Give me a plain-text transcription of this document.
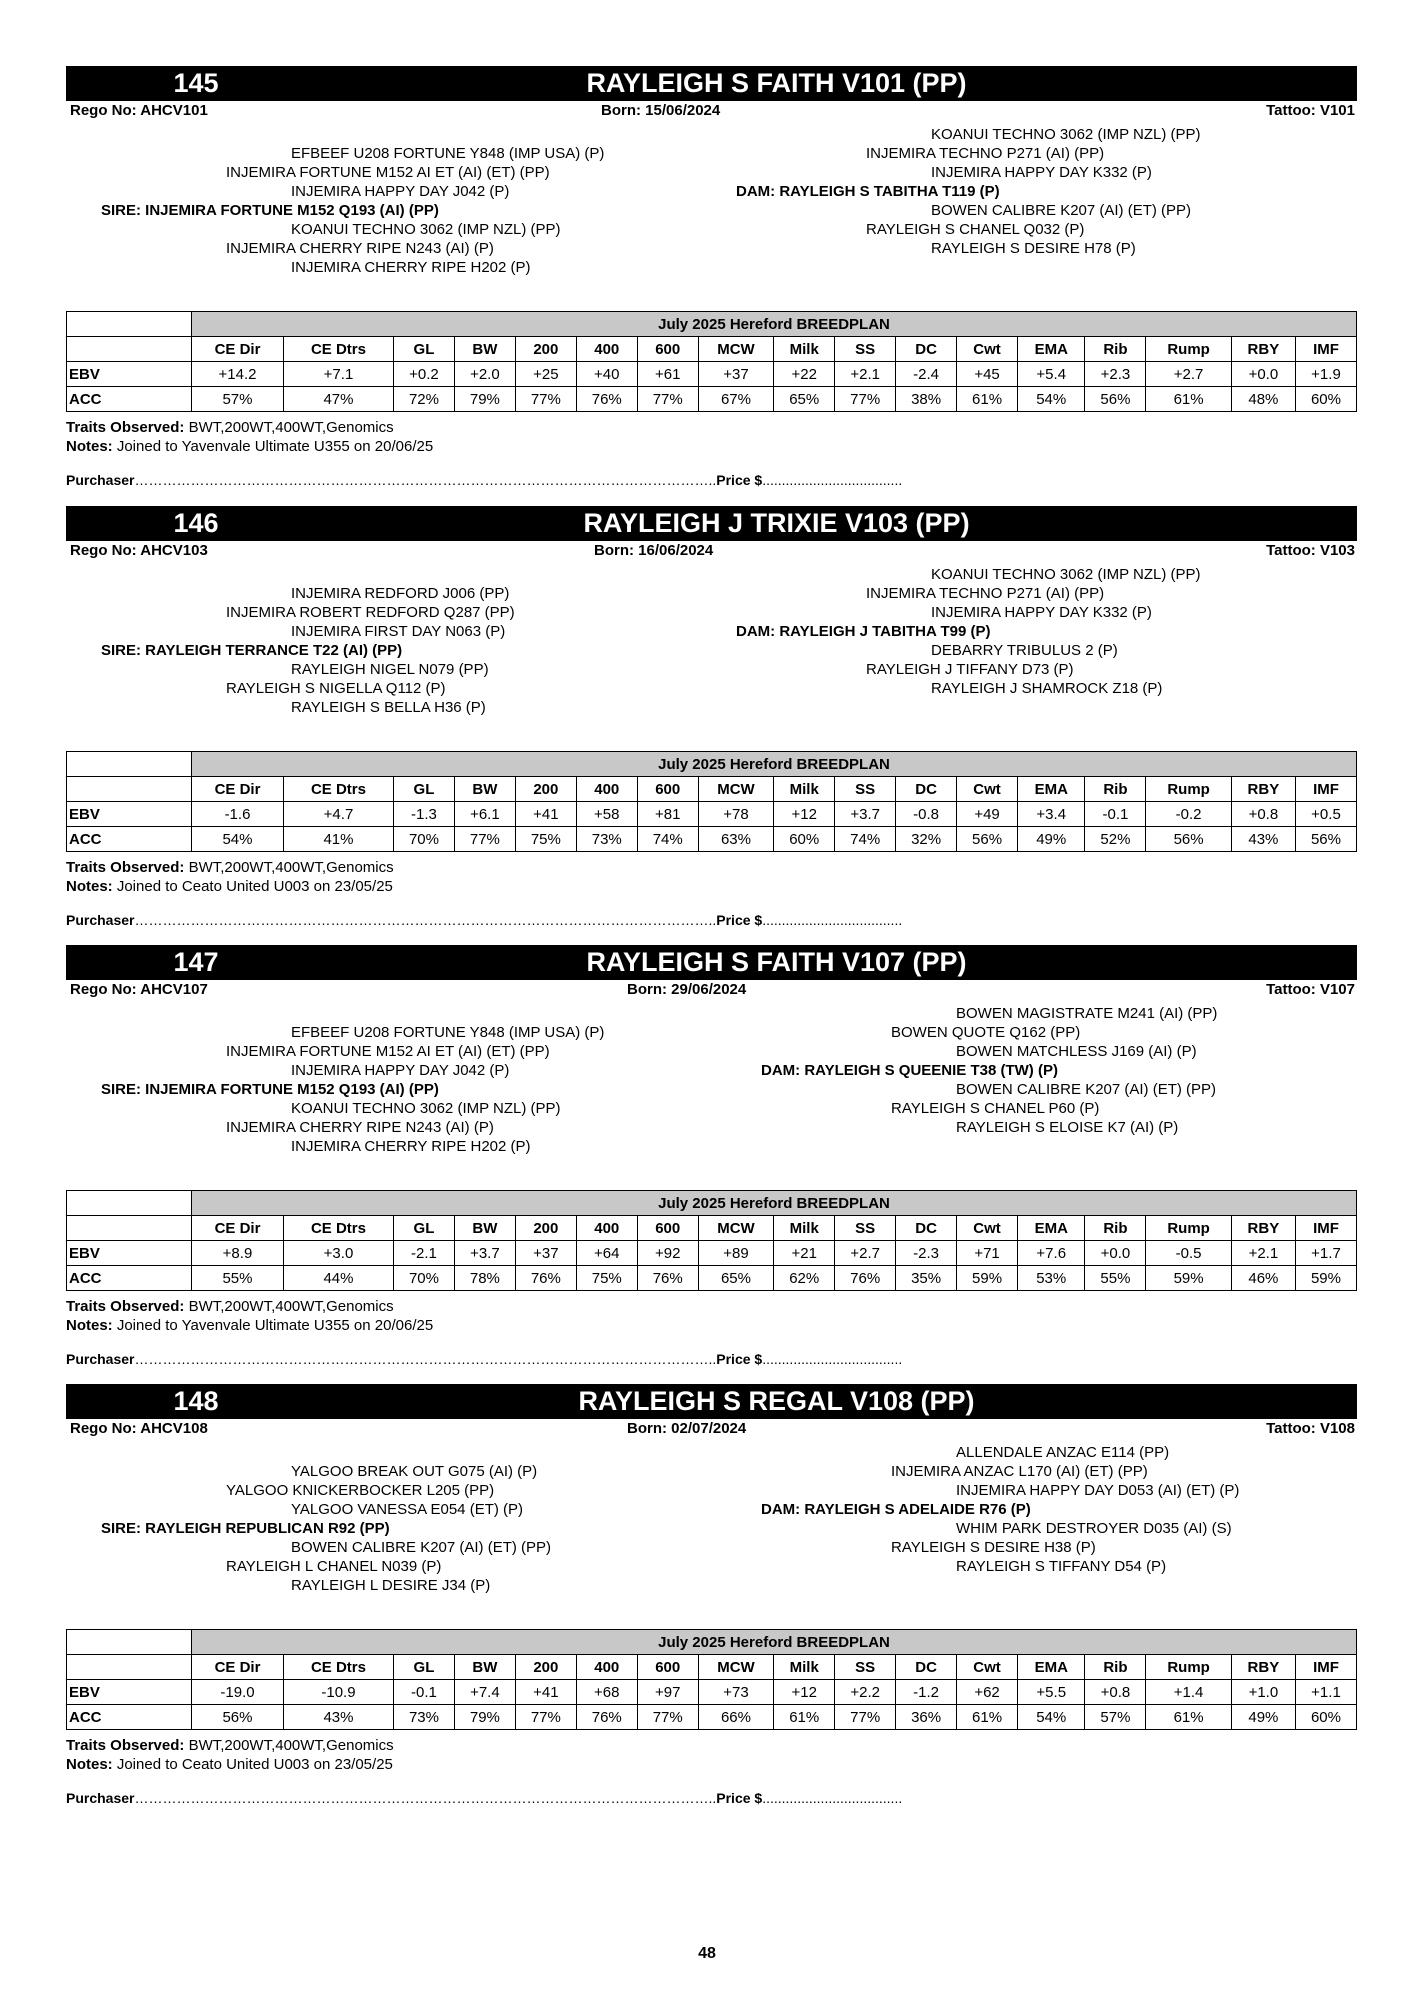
145	RAYLEIGH S FAITH V101 (PP)
Rego No: AHCV101	Born: 15/06/2024	Tattoo: V101
EFBEEF U208 FORTUNE Y848 (IMP USA) (P)
INJEMIRA FORTUNE M152 AI ET (AI) (ET) (PP)
INJEMIRA HAPPY DAY J042 (P)
SIRE: INJEMIRA FORTUNE M152 Q193 (AI) (PP)
KOANUI TECHNO 3062 (IMP NZL) (PP)
INJEMIRA CHERRY RIPE N243 (AI) (P)
INJEMIRA CHERRY RIPE H202 (P)
KOANUI TECHNO 3062 (IMP NZL) (PP)
INJEMIRA TECHNO P271 (AI) (PP)
INJEMIRA HAPPY DAY K332 (P)
DAM: RAYLEIGH S TABITHA T119 (P)
BOWEN CALIBRE K207 (AI) (ET) (PP)
RAYLEIGH S CHANEL Q032 (P)
RAYLEIGH S DESIRE H78 (P)
	July 2025 Hereford BREEDPLAN																
	CE Dir	CE Dtrs	GL	BW	200	400	600	MCW	Milk	SS	DC	Cwt	EMA	Rib	Rump	RBY	IMF
EBV	+14.2	+7.1	+0.2	+2.0	+25	+40	+61	+37	+22	+2.1	-2.4	+45	+5.4	+2.3	+2.7	+0.0	+1.9
ACC	57%	47%	72%	79%	77%	76%	77%	67%	65%	77%	38%	61%	54%	56%	61%	48%	60%
Traits Observed: BWT,200WT,400WT,Genomics
Notes: Joined to Yavenvale Ultimate U355 on 20/06/25
Purchaser……………………………………………………………………………………………………………..Price $....................................
146	RAYLEIGH J TRIXIE V103 (PP)
Rego No: AHCV103	Born: 16/06/2024	Tattoo: V103
INJEMIRA REDFORD J006 (PP)
INJEMIRA ROBERT REDFORD Q287 (PP)
INJEMIRA FIRST DAY N063 (P)
SIRE: RAYLEIGH TERRANCE T22 (AI) (PP)
RAYLEIGH NIGEL N079 (PP)
RAYLEIGH S NIGELLA Q112 (P)
RAYLEIGH S BELLA H36 (P)
KOANUI TECHNO 3062 (IMP NZL) (PP)
INJEMIRA TECHNO P271 (AI) (PP)
INJEMIRA HAPPY DAY K332 (P)
DAM: RAYLEIGH J TABITHA T99 (P)
DEBARRY TRIBULUS 2 (P)
RAYLEIGH J TIFFANY D73 (P)
RAYLEIGH J SHAMROCK Z18 (P)
	July 2025 Hereford BREEDPLAN																
	CE Dir	CE Dtrs	GL	BW	200	400	600	MCW	Milk	SS	DC	Cwt	EMA	Rib	Rump	RBY	IMF
EBV	-1.6	+4.7	-1.3	+6.1	+41	+58	+81	+78	+12	+3.7	-0.8	+49	+3.4	-0.1	-0.2	+0.8	+0.5
ACC	54%	41%	70%	77%	75%	73%	74%	63%	60%	74%	32%	56%	49%	52%	56%	43%	56%
Traits Observed: BWT,200WT,400WT,Genomics
Notes: Joined to Ceato United U003 on 23/05/25
Purchaser……………………………………………………………………………………………………………..Price $....................................
147	RAYLEIGH S FAITH V107 (PP)
Rego No: AHCV107	Born: 29/06/2024	Tattoo: V107
EFBEEF U208 FORTUNE Y848 (IMP USA) (P)
INJEMIRA FORTUNE M152 AI ET (AI) (ET) (PP)
INJEMIRA HAPPY DAY J042 (P)
SIRE: INJEMIRA FORTUNE M152 Q193 (AI) (PP)
KOANUI TECHNO 3062 (IMP NZL) (PP)
INJEMIRA CHERRY RIPE N243 (AI) (P)
INJEMIRA CHERRY RIPE H202 (P)
BOWEN MAGISTRATE M241 (AI) (PP)
BOWEN QUOTE Q162 (PP)
BOWEN MATCHLESS J169 (AI) (P)
DAM: RAYLEIGH S QUEENIE T38 (TW) (P)
BOWEN CALIBRE K207 (AI) (ET) (PP)
RAYLEIGH S CHANEL P60 (P)
RAYLEIGH S ELOISE K7 (AI) (P)
	July 2025 Hereford BREEDPLAN																
	CE Dir	CE Dtrs	GL	BW	200	400	600	MCW	Milk	SS	DC	Cwt	EMA	Rib	Rump	RBY	IMF
EBV	+8.9	+3.0	-2.1	+3.7	+37	+64	+92	+89	+21	+2.7	-2.3	+71	+7.6	+0.0	-0.5	+2.1	+1.7
ACC	55%	44%	70%	78%	76%	75%	76%	65%	62%	76%	35%	59%	53%	55%	59%	46%	59%
Traits Observed: BWT,200WT,400WT,Genomics
Notes: Joined to Yavenvale Ultimate U355 on 20/06/25
Purchaser……………………………………………………………………………………………………………..Price $....................................
148	RAYLEIGH S REGAL V108 (PP)
Rego No: AHCV108	Born: 02/07/2024	Tattoo: V108
YALGOO BREAK OUT G075 (AI) (P)
YALGOO KNICKERBOCKER L205 (PP)
YALGOO VANESSA E054 (ET) (P)
SIRE: RAYLEIGH REPUBLICAN R92 (PP)
BOWEN CALIBRE K207 (AI) (ET) (PP)
RAYLEIGH L CHANEL N039 (P)
RAYLEIGH L DESIRE J34 (P)
ALLENDALE ANZAC E114 (PP)
INJEMIRA ANZAC L170 (AI) (ET) (PP)
INJEMIRA HAPPY DAY D053 (AI) (ET) (P)
DAM: RAYLEIGH S ADELAIDE R76 (P)
WHIM PARK DESTROYER D035 (AI) (S)
RAYLEIGH S DESIRE H38 (P)
RAYLEIGH S TIFFANY D54 (P)
	July 2025 Hereford BREEDPLAN																
	CE Dir	CE Dtrs	GL	BW	200	400	600	MCW	Milk	SS	DC	Cwt	EMA	Rib	Rump	RBY	IMF
EBV	-19.0	-10.9	-0.1	+7.4	+41	+68	+97	+73	+12	+2.2	-1.2	+62	+5.5	+0.8	+1.4	+1.0	+1.1
ACC	56%	43%	73%	79%	77%	76%	77%	66%	61%	77%	36%	61%	54%	57%	61%	49%	60%
Traits Observed: BWT,200WT,400WT,Genomics
Notes: Joined to Ceato United U003 on 23/05/25
Purchaser……………………………………………………………………………………………………………..Price $....................................
48
